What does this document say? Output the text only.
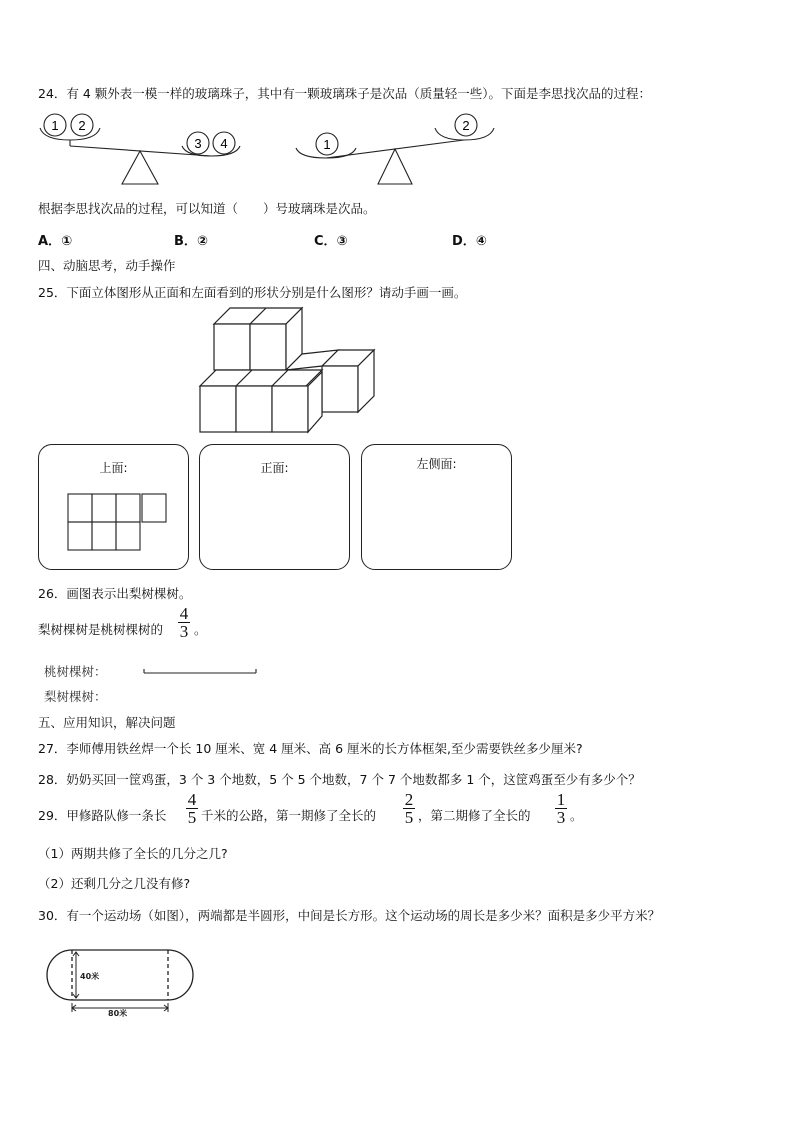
24．有 4 颗外表一模一样的玻璃珠子，其中有一颗玻璃珠子是次品（质量轻一些）。下面是李思找次品的过程：
1 2
3 4	1
2
根据李思找次品的过程，可以知道（　　）号玻璃珠是次品。
A．①	B．②	C．③	D．④
四、动脑思考，动手操作
25．下面立体图形从正面和左面看到的形状分别是什么图形？请动手画一画。
上面:	正面:	左侧面:
26．画图表示出梨树棵树。
梨树棵树是桃树棵树的
4
3 。
桃树棵树：
梨树棵树：
五、应用知识，解决问题
27．李师傅用铁丝焊一个长 10 厘米、宽 4 厘米、高 6 厘米的长方体框架,至少需要铁丝多少厘米?
28．奶奶买回一筐鸡蛋，3 个 3 个地数，5 个 5 个地数，7 个 7 个地数都多 1 个，这筐鸡蛋至少有多少个？
29．甲修路队修一条长
4
5 千米的公路，第一期修了全长的
2
5 ，第二期修了全长的
1
3 。
（1）两期共修了全长的几分之几?
（2）还剩几分之几没有修?
30．有一个运动场（如图），两端都是半圆形，中间是长方形。这个运动场的周长是多少米？面积是多少平方米？
40米
80米
